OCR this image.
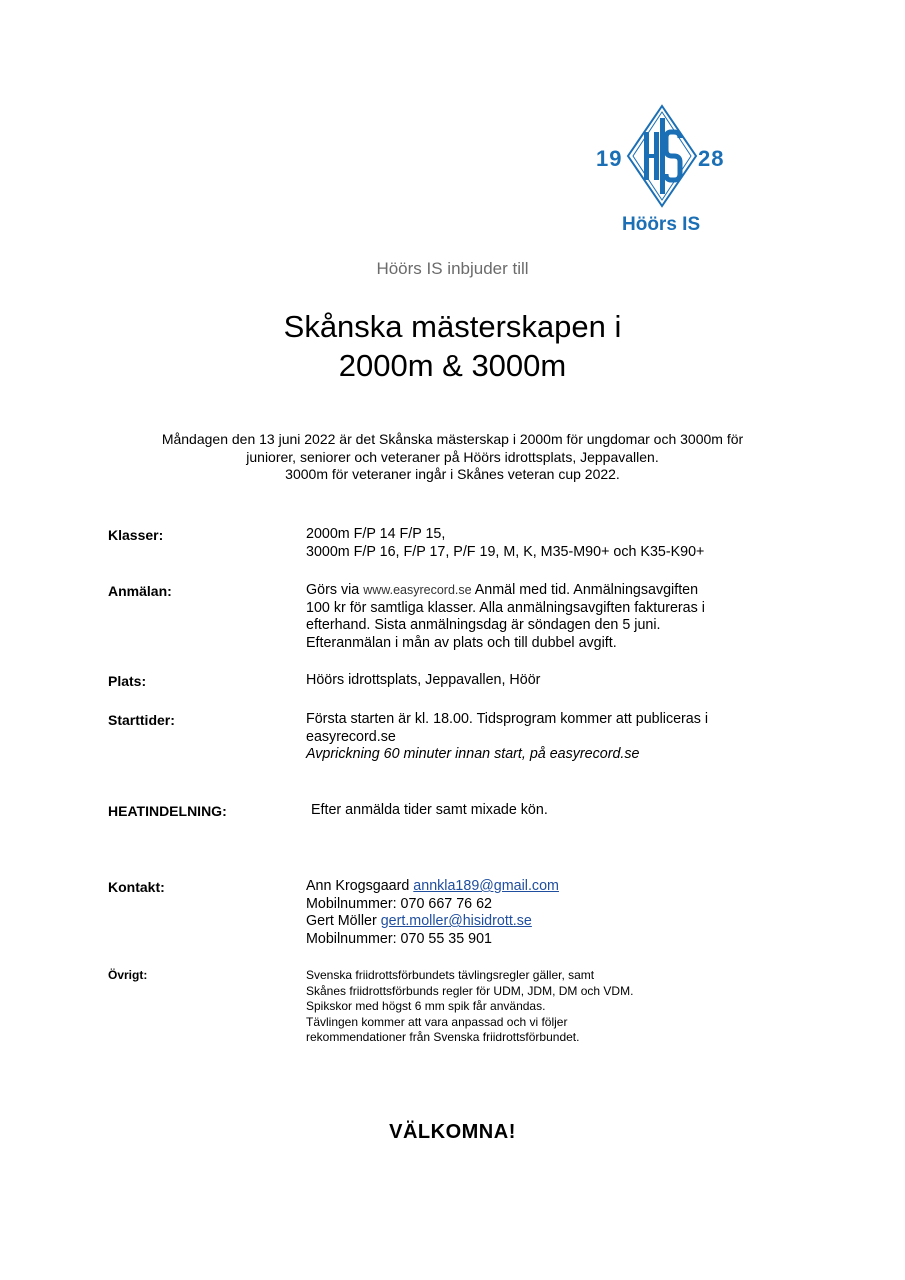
19	28
Höörs IS
Höörs IS inbjuder till
Skånska mästerskapen i
2000m & 3000m
Måndagen den 13 juni 2022 är det Skånska mästerskap i 2000m för ungdomar och 3000m för
juniorer, seniorer och veteraner på Höörs idrottsplats, Jeppavallen.
3000m för veteraner ingår i Skånes veteran cup 2022.
Klasser:	2000m F/P 14 F/P 15,
3000m F/P 16, F/P 17, P/F 19, M, K, M35-M90+ och K35-K90+
Anmälan:	Görs via www.easyrecord.se Anmäl med tid. Anmälningsavgiften
100 kr för samtliga klasser. Alla anmälningsavgiften faktureras i
efterhand. Sista anmälningsdag är söndagen den 5 juni.
Efteranmälan i mån av plats och till dubbel avgift.
Plats:	Höörs idrottsplats, Jeppavallen, Höör
Starttider:	Första starten är kl. 18.00. Tidsprogram kommer att publiceras i
easyrecord.se
Avprickning 60 minuter innan start, på easyrecord.se
HEATINDELNING:	Efter anmälda tider samt mixade kön.
Kontakt:	Ann Krogsgaard annkla189@gmail.com
Mobilnummer: 070 667 76 62
Gert Möller gert.moller@hisidrott.se
Mobilnummer: 070 55 35 901
Övrigt:	Svenska friidrottsförbundets tävlingsregler gäller, samt
Skånes friidrottsförbunds regler för UDM, JDM, DM och VDM.
Spikskor med högst 6 mm spik får användas.
Tävlingen kommer att vara anpassad och vi följer
rekommendationer från Svenska friidrottsförbundet.
VÄLKOMNA!
